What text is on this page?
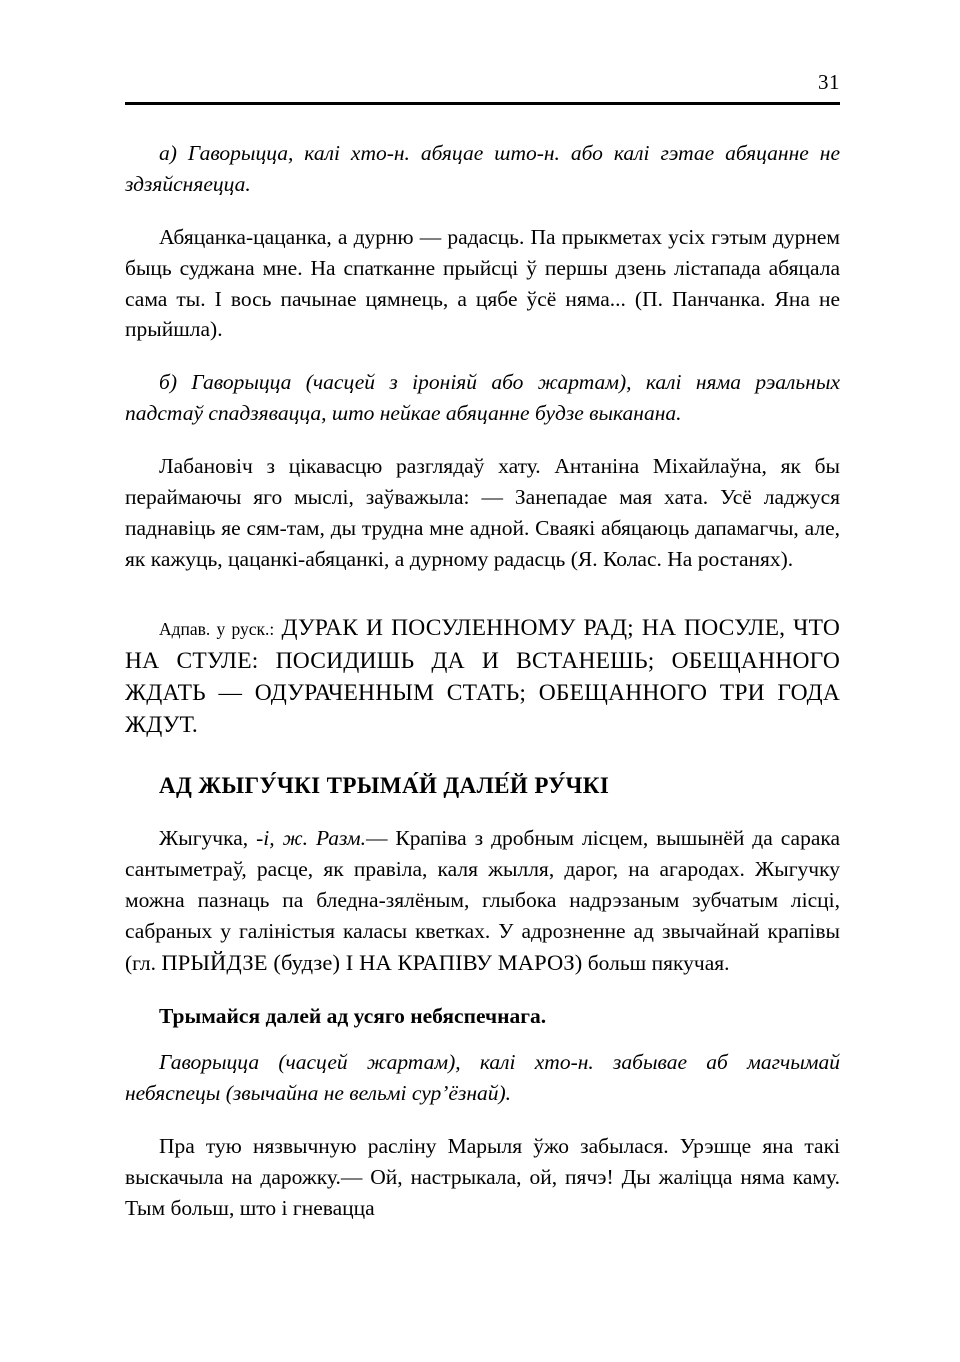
31

а) Гаворыцца, калі хто-н. абяцае што-н. або калі гэтае абяцанне не здзяйсняецца.

Абяцанка-цацанка, а дурню — радасць. Па прыкметах усіх гэтым дурнем быць суджана мне. На спатканне прыйсці ў першы дзень лістапада абяцала сама ты. І вось пачынае цямнець, а цябе ўсё няма... (П. Панчанка. Яна не прыйшла).

б) Гаворыцца (часцей з іроніяй або жартам), калі няма рэальных падстаў спадзявацца, што нейкае абяцанне будзе выканана.

Лабановіч з цікавасцю разглядаў хату. Антаніна Міхайлаўна, як бы пераймаючы яго мыслі, заўважыла: — Занепадае мая хата. Усё ладжуся паднавіць яе сям-там, ды трудна мне адной. Сваякі абяцаюць дапамагчы, але, як кажуць, цацанкі-абяцанкі, а дурному радасць (Я. Колас. На ростанях).

Адпав. у руск.: ДУРАК И ПОСУЛЕННОМУ РАД; НА ПОСУЛЕ, ЧТО НА СТУЛЕ: ПОСИДИШЬ ДА И ВСТАНЕШЬ; ОБЕЩАННОГО ЖДАТЬ — ОДУРАЧЕННЫМ СТАТЬ; ОБЕЩАННОГО ТРИ ГОДА ЖДУТ.

АД ЖЫГУ́ЧКІ ТРЫМА́Й ДАЛЕ́Й РУ́ЧКІ

Жыгучка, -і, ж. Разм.— Крапіва з дробным лісцем, вышынёй да сарака сантыметраў, расце, як правіла, каля жылля, дарог, на агародах. Жыгучку можна пазнаць па бледна-зялёным, глыбока надрэзаным зубчатым лісці, сабраных у галіністыя каласы кветках. У адрозненне ад звычайнай крапівы (гл. ПРЫЙДЗЕ (будзе) І НА КРАПІВУ МАРОЗ) больш пякучая.

Трымайся далей ад усяго небяспечнага.

Гаворыцца (часцей жартам), калі хто-н. забывае аб магчымай небяспецы (звычайна не вельмі сур’ёзнай).

Пра тую нязвычную расліну Марыля ўжо забылася. Урэшце яна такі выскачыла на дарожку.— Ой, настрыкала, ой, пячэ! Ды жаліцца няма каму. Тым больш, што і гневацца
